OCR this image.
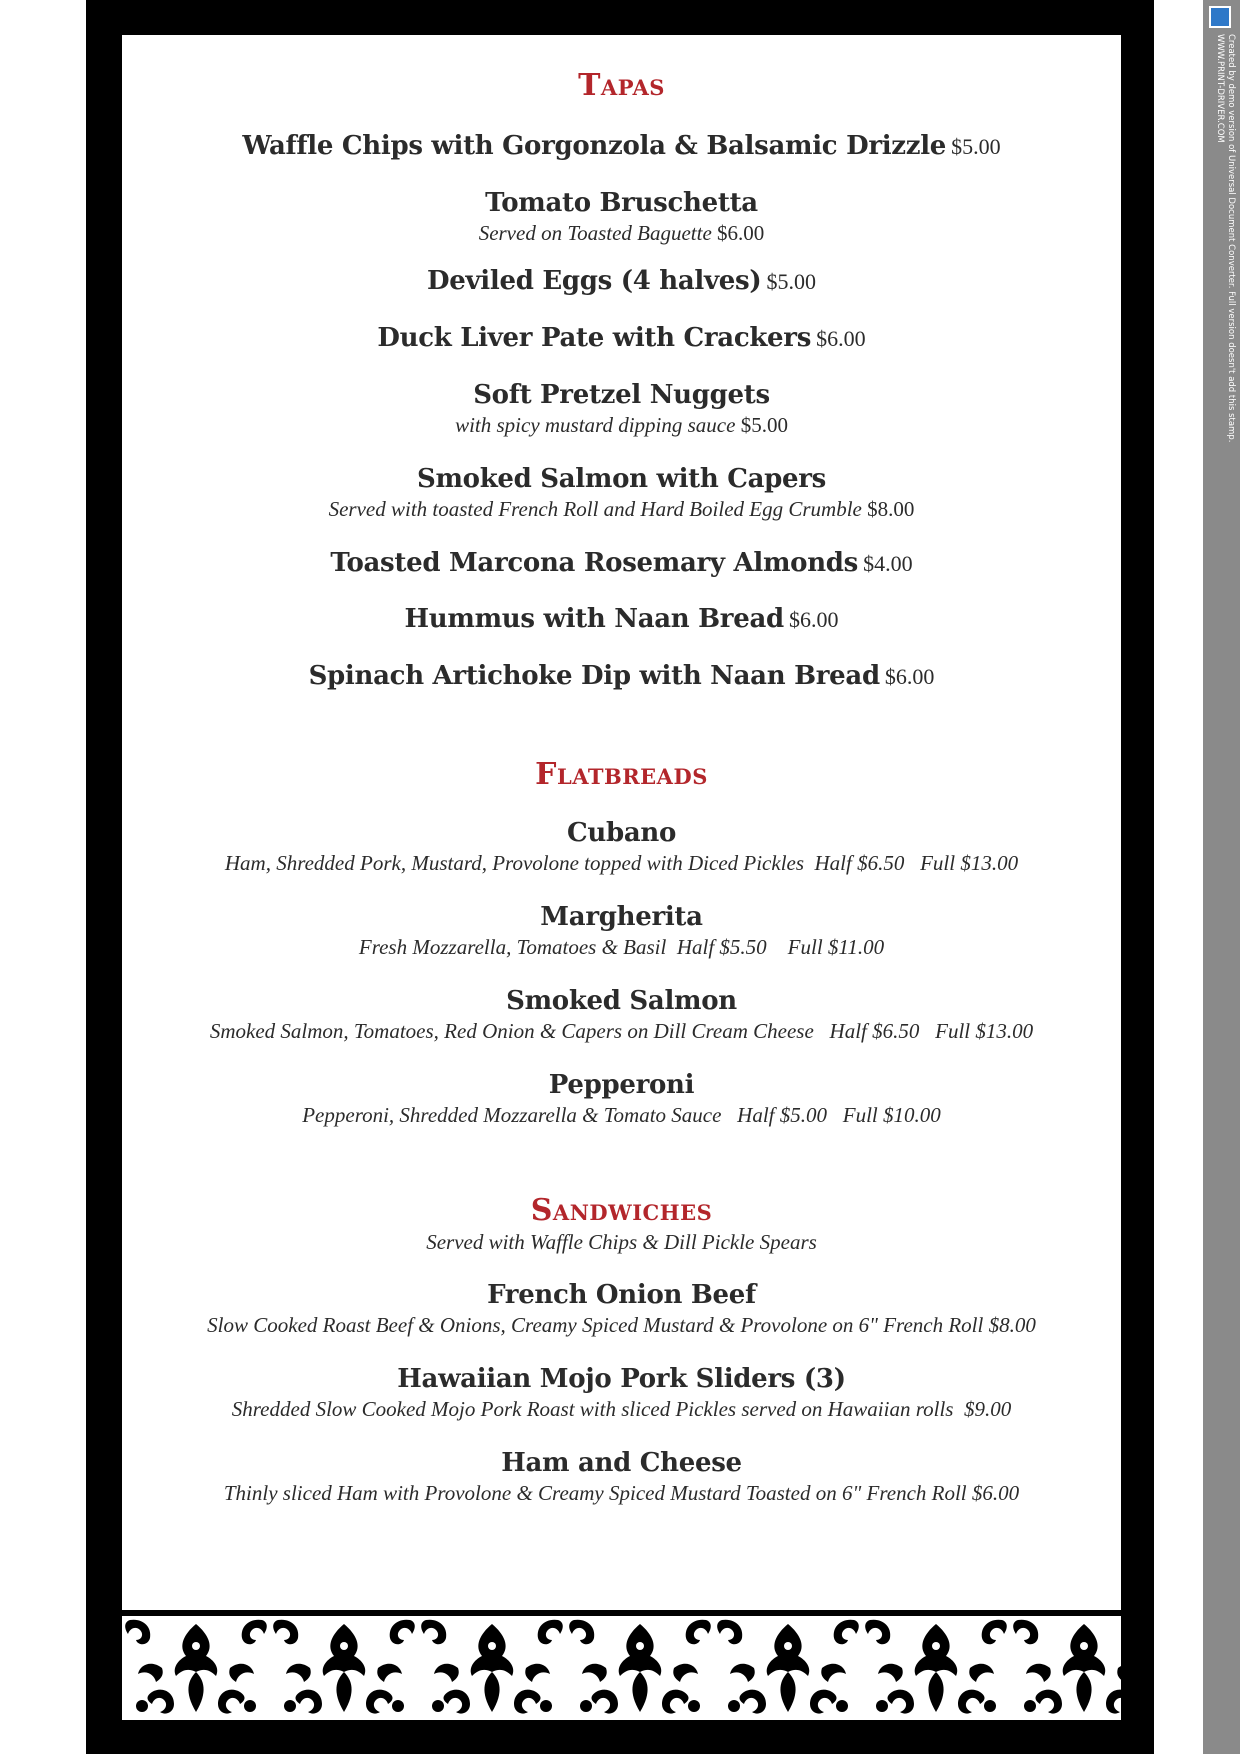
Tapas
Waffle Chips with Gorgonzola & Balsamic Drizzle $5.00
Tomato Bruschetta
Served on Toasted Baguette $6.00
Deviled Eggs (4 halves) $5.00
Duck Liver Pate with Crackers $6.00
Soft Pretzel Nuggets
with spicy mustard dipping sauce $5.00
Smoked Salmon with Capers
Served with toasted French Roll and Hard Boiled Egg Crumble $8.00
Toasted Marcona Rosemary Almonds $4.00
Hummus with Naan Bread $6.00
Spinach Artichoke Dip with Naan Bread $6.00
Flatbreads
Cubano
Ham, Shredded Pork, Mustard, Provolone topped with Diced Pickles  Half $6.50   Full $13.00
Margherita
Fresh Mozzarella, Tomatoes & Basil  Half $5.50    Full $11.00
Smoked Salmon
Smoked Salmon, Tomatoes, Red Onion & Capers on Dill Cream Cheese   Half $6.50   Full $13.00
Pepperoni
Pepperoni, Shredded Mozzarella & Tomato Sauce   Half $5.00   Full $10.00
Sandwiches
Served with Waffle Chips & Dill Pickle Spears
French Onion Beef
Slow Cooked Roast Beef & Onions, Creamy Spiced Mustard & Provolone on 6" French Roll $8.00
Hawaiian Mojo Pork Sliders (3)
Shredded Slow Cooked Mojo Pork Roast with sliced Pickles served on Hawaiian rolls  $9.00
Ham and Cheese
Thinly sliced Ham with Provolone & Creamy Spiced Mustard Toasted on 6" French Roll $6.00
Created by demo version of Universal Document Converter. Full version doesn't add this stamp.
WWW.PRINT-DRIVER.COM
